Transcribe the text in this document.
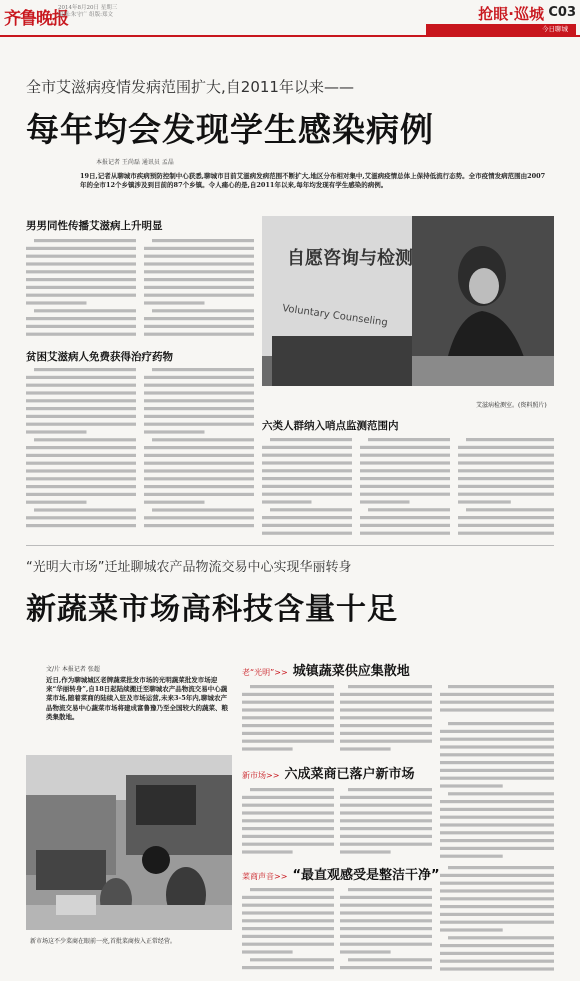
齐鲁晚报
2014年8月20日 星期三
编辑:朱守广 组版:郑文	抢眼·巡城 C03
今日聊城
全市艾滋病疫情发病范围扩大,自2011年以来——
每年均会发现学生感染病例
本报记者 王尚磊 通讯员 孟晶
19日,记者从聊城市疾病预防控制中心获悉,聊城市目前艾滋病发病范围不断扩大,地区分布相对集中,艾滋病疫情总体上保持低流行态势。全市疫情发病范围由2007年的全市12个乡镇涉及到目前的87个乡镇。令人痛心的是,自2011年以来,每年均发现有学生感染的病例。
男男同性传播艾滋病上升明显
贫困艾滋病人免费获得治疗药物
自愿咨询与检测
Voluntary Counseling
艾滋病检测室。(资料照片)
六类人群纳入哨点监测范围内
“光明大市场”迁址聊城农产品物流交易中心实现华丽转身
新蔬菜市场高科技含量十足
文/片 本报记者 张超
近日,作为聊城城区老牌蔬菜批发市场的光明蔬菜批发市场迎来“华丽转身”,自18日起陆续搬迁至聊城农产品物流交易中心蔬菜市场,随着菜商的陆续入驻及市场运营,未来3-5年内,聊城农产品物流交易中心蔬菜市场将建成富鲁豫乃至全国较大的蔬菜、粮类集散地。
新市场这不少菜商在眼前一亮,首批菜商按入正常经营。
老“光明”>> 城镇蔬菜供应集散地
新市场>> 六成菜商已落户新市场
菜商声音>> “最直观感受是整洁干净”
